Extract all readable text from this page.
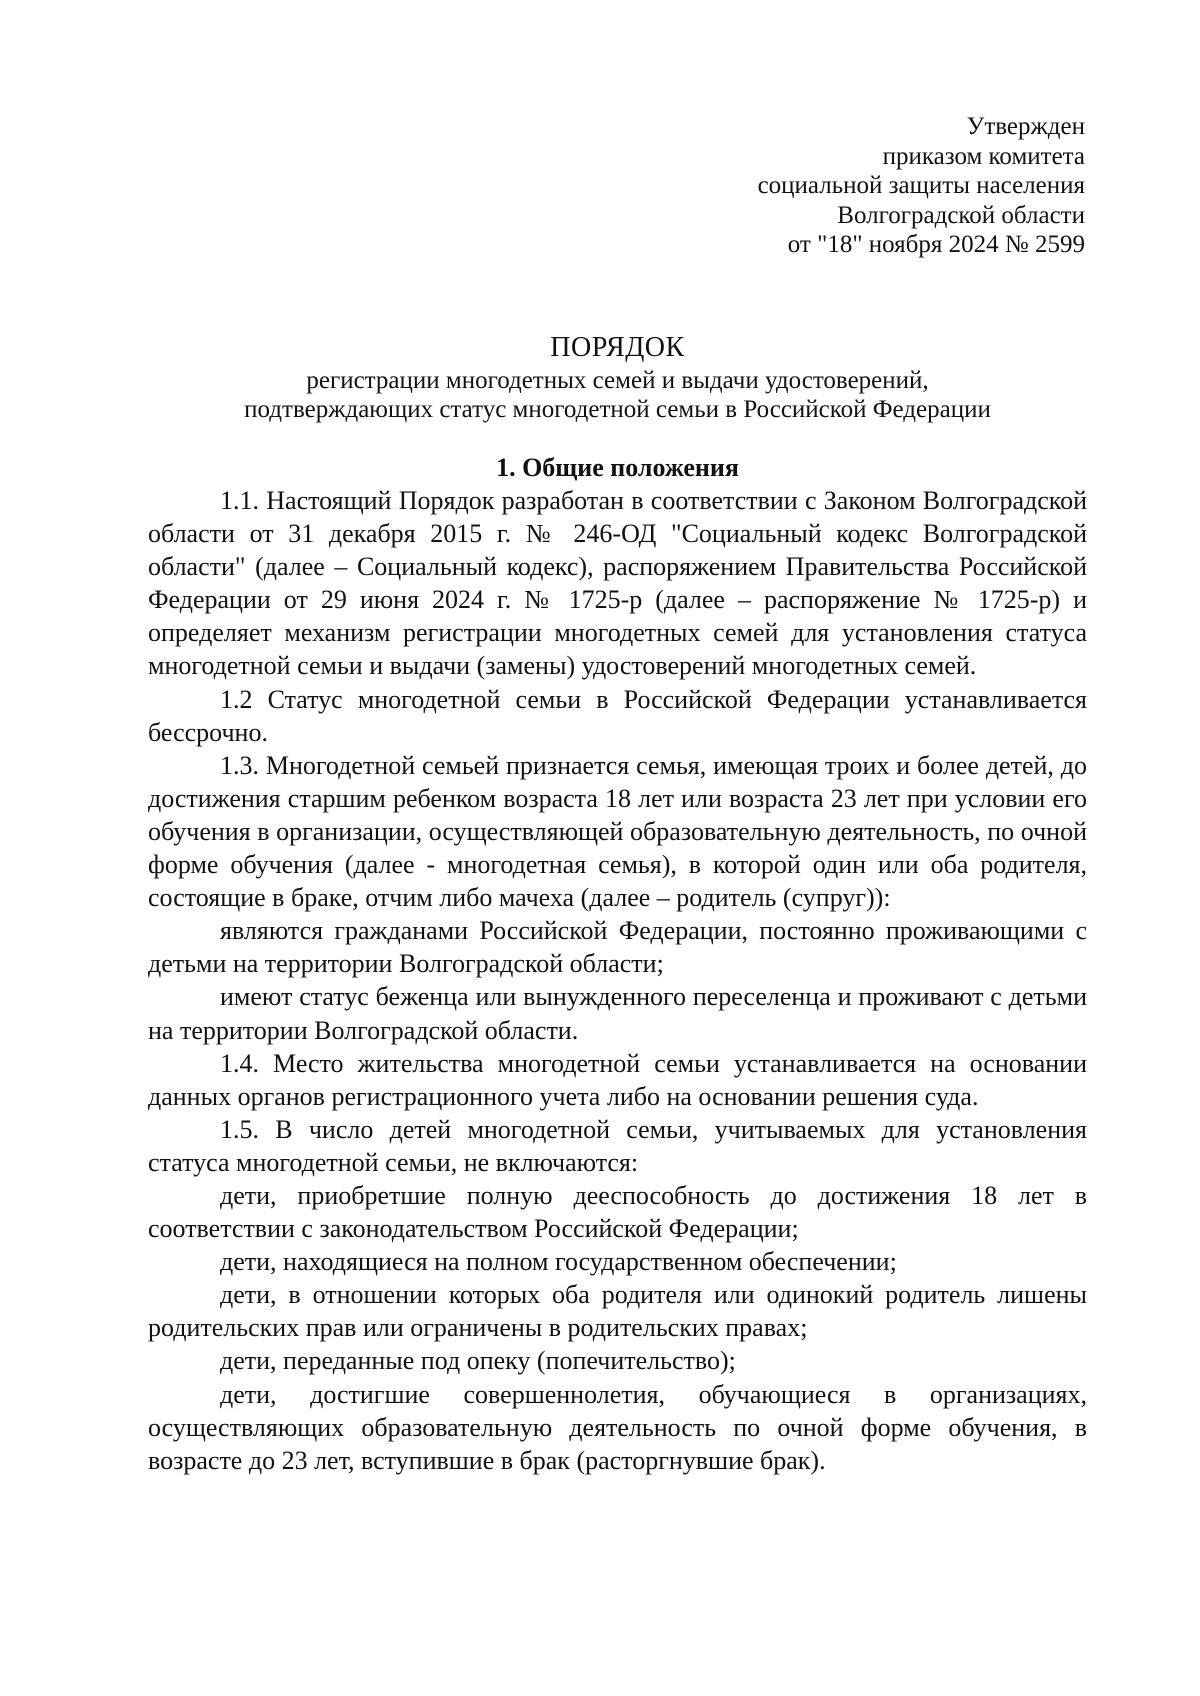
Утвержден
приказом комитета
социальной защиты населения
Волгоградской области
от "18" ноября 2024 № 2599
ПОРЯДОК
регистрации многодетных семей и выдачи удостоверений,
подтверждающих статус многодетной семьи в Российской Федерации
1. Общие положения

1.1. Настоящий Порядок разработан в соответствии с Законом Волгоградской области от 31 декабря 2015 г. № 246-ОД "Социальный кодекс Волгоградской области" (далее – Социальный кодекс), распоряжением Правительства Российской Федерации от 29 июня 2024 г. № 1725-р (далее – распоряжение № 1725-р) и определяет механизм регистрации многодетных семей для установления статуса многодетной семьи и выдачи (замены) удостоверений многодетных семей.

1.2 Статус многодетной семьи в Российской Федерации устанавливается бессрочно.

1.3. Многодетной семьей признается семья, имеющая троих и более детей, до достижения старшим ребенком возраста 18 лет или возраста 23 лет при условии его обучения в организации, осуществляющей образовательную деятельность, по очной форме обучения (далее - многодетная семья), в которой один или оба родителя, состоящие в браке, отчим либо мачеха (далее – родитель (супруг)):

являются гражданами Российской Федерации, постоянно проживающими с детьми на территории Волгоградской области;

имеют статус беженца или вынужденного переселенца и проживают с детьми на территории Волгоградской области.

1.4. Место жительства многодетной семьи устанавливается на основании данных органов регистрационного учета либо на основании решения суда.

1.5. В число детей многодетной семьи, учитываемых для установления статуса многодетной семьи, не включаются:

дети, приобретшие полную дееспособность до достижения 18 лет в соответствии с законодательством Российской Федерации;

дети, находящиеся на полном государственном обеспечении;

дети, в отношении которых оба родителя или одинокий родитель лишены родительских прав или ограничены в родительских правах;

дети, переданные под опеку (попечительство);

дети, достигшие совершеннолетия, обучающиеся в организациях, осуществляющих образовательную деятельность по очной форме обучения, в возрасте до 23 лет, вступившие в брак (расторгнувшие брак).
